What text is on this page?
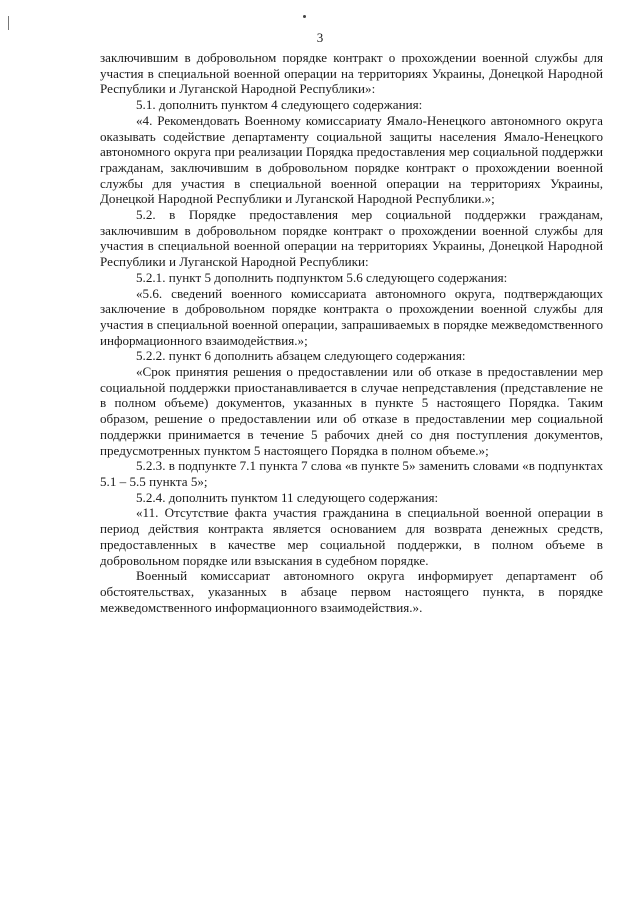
3

заключившим в добровольном порядке контракт о прохождении военной службы для участия в специальной военной операции на территориях Украины, Донецкой Народной Республики и Луганской Народной Республики»:

5.1. дополнить пунктом 4 следующего содержания:

«4. Рекомендовать Военному комиссариату Ямало-Ненецкого автономного округа оказывать содействие департаменту социальной защиты населения Ямало-Ненецкого автономного округа при реализации Порядка предоставления мер социальной поддержки гражданам, заключившим в добровольном порядке контракт о прохождении военной службы для участия в специальной военной операции на территориях Украины, Донецкой Народной Республики и Луганской Народной Республики.»;

5.2. в Порядке предоставления мер социальной поддержки гражданам, заключившим в добровольном порядке контракт о прохождении военной службы для участия в специальной военной операции на территориях Украины, Донецкой Народной Республики и Луганской Народной Республики:

5.2.1. пункт 5 дополнить подпунктом 5.6 следующего содержания:

«5.6. сведений военного комиссариата автономного округа, подтверждающих заключение в добровольном порядке контракта о прохождении военной службы для участия в специальной военной операции, запрашиваемых в порядке межведомственного информационного взаимодействия.»;

5.2.2. пункт 6 дополнить абзацем следующего содержания:

«Срок принятия решения о предоставлении или об отказе в предоставлении мер социальной поддержки приостанавливается в случае непредставления (представление не в полном объеме) документов, указанных в пункте 5 настоящего Порядка. Таким образом, решение о предоставлении или об отказе в предоставлении мер социальной поддержки принимается в течение 5 рабочих дней со дня поступления документов, предусмотренных пунктом 5 настоящего Порядка в полном объеме.»;

5.2.3. в подпункте 7.1 пункта 7 слова «в пункте 5» заменить словами «в подпунктах 5.1 – 5.5 пункта 5»;

5.2.4. дополнить пунктом 11 следующего содержания:

«11. Отсутствие факта участия гражданина в специальной военной операции в период действия контракта является основанием для возврата денежных средств, предоставленных в качестве мер социальной поддержки, в полном объеме в добровольном порядке или взыскания в судебном порядке.

Военный комиссариат автономного округа информирует департамент об обстоятельствах, указанных в абзаце первом настоящего пункта, в порядке межведомственного информационного взаимодействия.».
